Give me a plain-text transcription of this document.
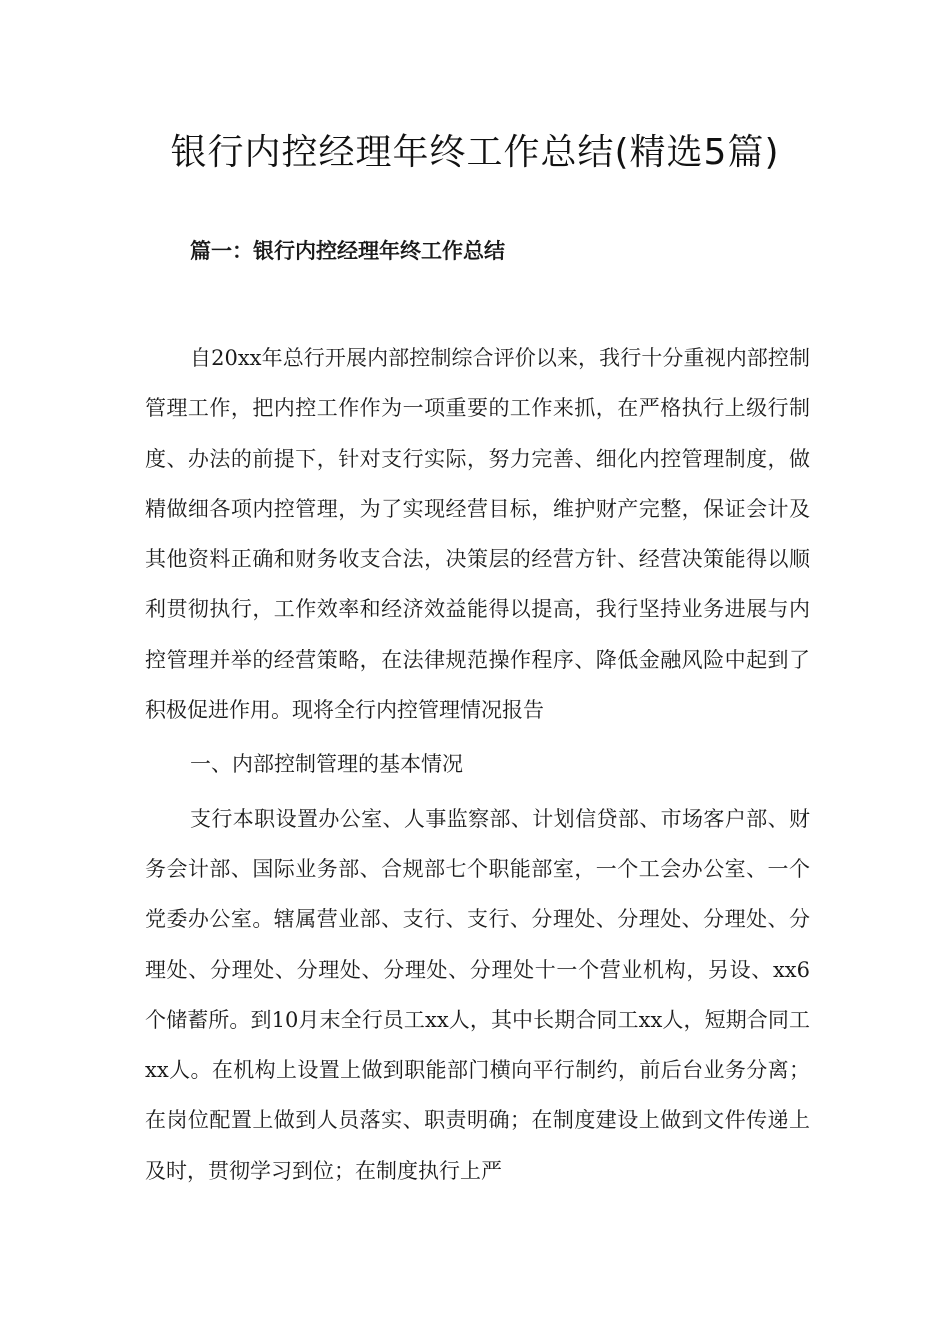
银行内控经理年终工作总结(精选5篇)
篇一：银行内控经理年终工作总结

自20xx年总行开展内部控制综合评价以来，我行十分重视内部控制管理工作，把内控工作作为一项重要的工作来抓，在严格执行上级行制度、办法的前提下，针对支行实际，努力完善、细化内控管理制度，做精做细各项内控管理，为了实现经营目标，维护财产完整，保证会计及其他资料正确和财务收支合法，决策层的经营方针、经营决策能得以顺利贯彻执行，工作效率和经济效益能得以提高，我行坚持业务进展与内控管理并举的经营策略，在法律规范操作程序、降低金融风险中起到了积极促进作用。现将全行内控管理情况报告

一、内部控制管理的基本情况

支行本职设置办公室、人事监察部、计划信贷部、市场客户部、财务会计部、国际业务部、合规部七个职能部室，一个工会办公室、一个党委办公室。辖属营业部、支行、支行、分理处、分理处、分理处、分理处、分理处、分理处、分理处、分理处十一个营业机构，另设、xx6个储蓄所。到10月末全行员工xx人，其中长期合同工xx人，短期合同工xx人。在机构上设置上做到职能部门横向平行制约，前后台业务分离；在岗位配置上做到人员落实、职责明确；在制度建设上做到文件传递上及时，贯彻学习到位；在制度执行上严
